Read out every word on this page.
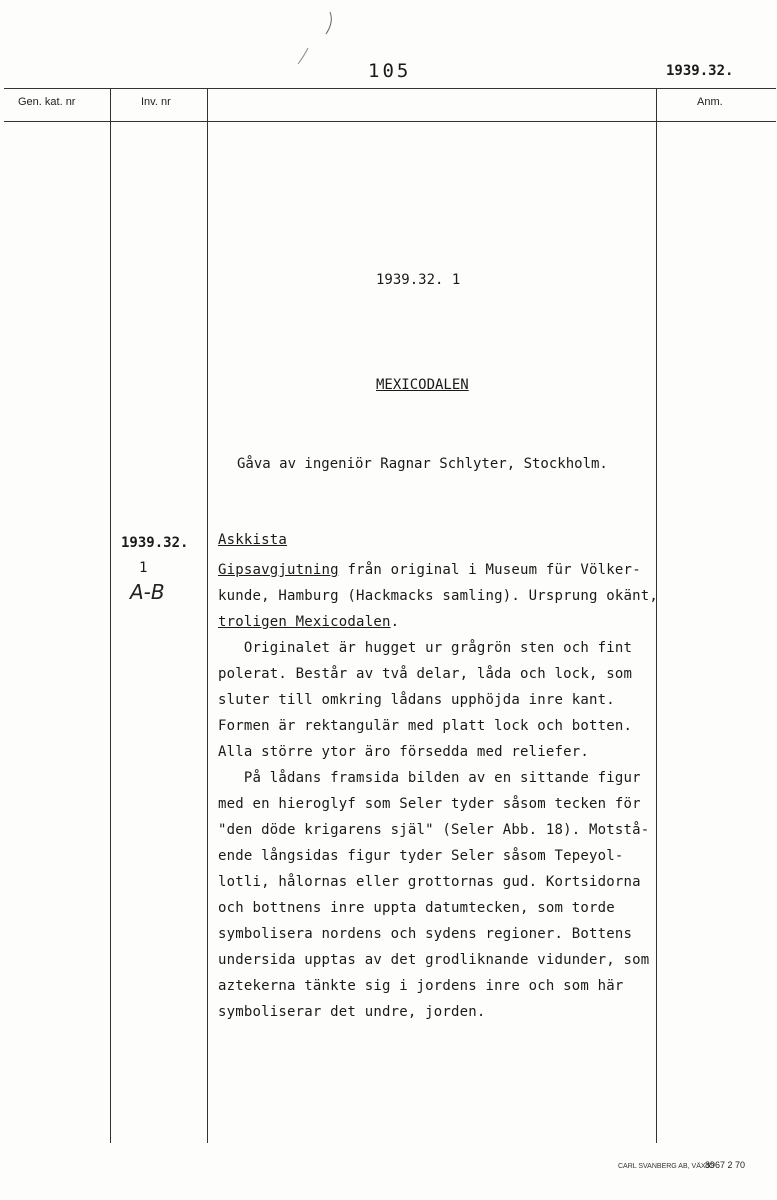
105	1939.32.
Gen. kat. nr	Inv. nr	Anm.
1939.32. 1
MEXICODALEN
Gåva av ingeniör Ragnar Schlyter, Stockholm.
1939.32.
1
A-B
Askkista
Gipsavgjutning från original i Museum für Völker-
kunde, Hamburg (Hackmacks samling). Ursprung okänt,
troligen Mexicodalen.
Originalet är hugget ur grågrön sten och fint
polerat. Består av två delar, låda och lock, som
sluter till omkring lådans upphöjda inre kant.
Formen är rektangulär med platt lock och botten.
Alla större ytor äro försedda med reliefer.
På lådans framsida bilden av en sittande figur
med en hieroglyf som Seler tyder såsom tecken för
"den döde krigarens själ" (Seler Abb. 18). Motstå-
ende långsidas figur tyder Seler såsom Tepeyol-
lotli, hålornas eller grottornas gud. Kortsidorna
och bottnens inre uppta datumtecken, som torde
symbolisera nordens och sydens regioner. Bottens
undersida upptas av det grodliknande vidunder, som
aztekerna tänkte sig i jordens inre och som här
symboliserar det undre, jorden.
CARL SVANBERG AB, VÄXJÖ
8967 2 70
